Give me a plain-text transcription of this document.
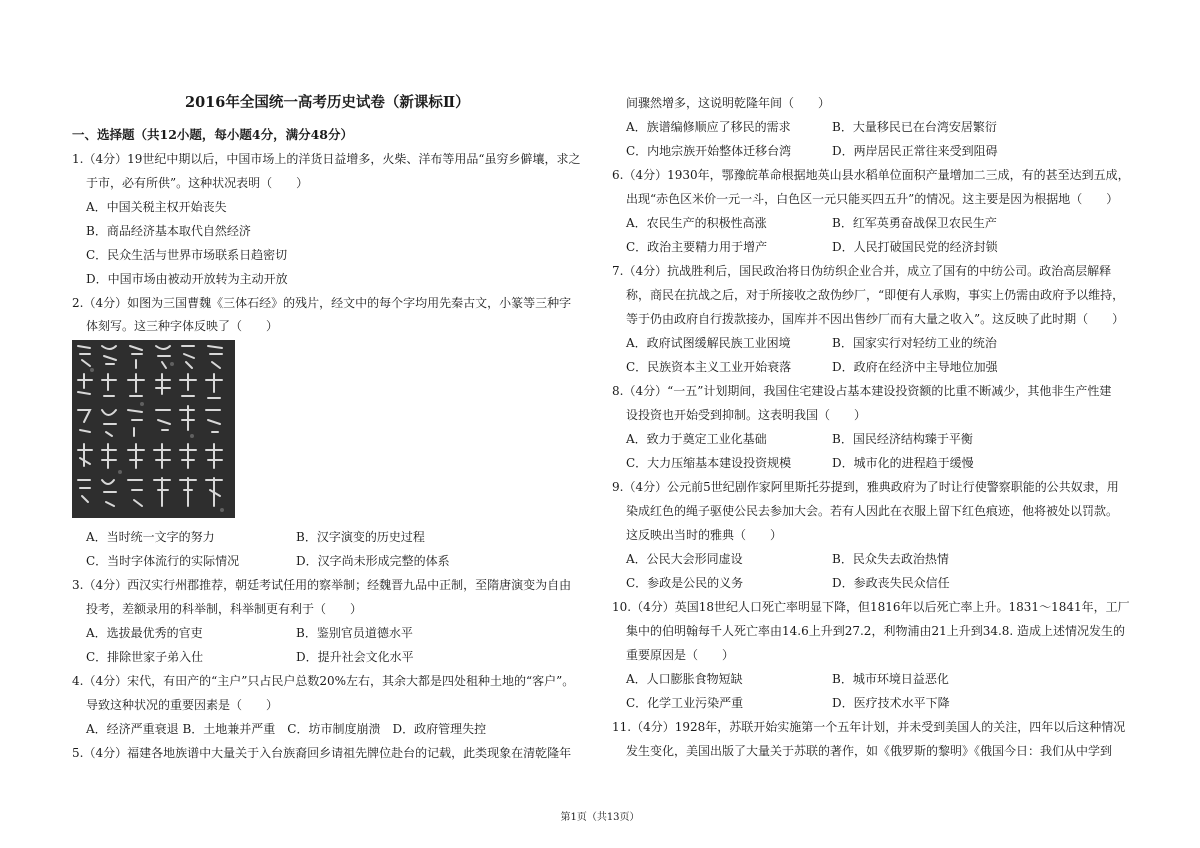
2016年全国统一高考历史试卷（新课标Ⅱ）
一、选择题（共12小题，每小题4分，满分48分）
1.（4分）19世纪中期以后，中国市场上的洋货日益增多，火柴、洋布等用品“虽穷乡僻壤，求之
于市，必有所供”。这种状况表明（　　）
A．中国关税主权开始丧失
B．商品经济基本取代自然经济
C．民众生活与世界市场联系日趋密切
D．中国市场由被动开放转为主动开放
2.（4分）如图为三国曹魏《三体石经》的残片，经文中的每个字均用先秦古文，小篆等三种字
体刻写。这三种字体反映了（　　）
A．当时统一文字的努力	B．汉字演变的历史过程
C．当时字体流行的实际情况	D．汉字尚未形成完整的体系
3.（4分）西汉实行州郡推荐，朝廷考试任用的察举制；经魏晋九品中正制，至隋唐演变为自由
投考，差额录用的科举制，科举制更有利于（　　）
A．选拔最优秀的官吏	B．鉴别官员道德水平
C．排除世家子弟入仕	D．提升社会文化水平
4.（4分）宋代，有田产的“主户”只占民户总数20%左右，其余大都是四处租种土地的“客户”。
导致这种状况的重要因素是（　　）
A．经济严重衰退 B．土地兼并严重　C．坊市制度崩溃　D．政府管理失控
5.（4分）福建各地族谱中大量关于入台族裔回乡请祖先牌位赴台的记载，此类现象在清乾隆年
间骤然增多，这说明乾隆年间（　　）
A．族谱编修顺应了移民的需求	B．大量移民已在台湾安居繁衍
C．内地宗族开始整体迁移台湾	D．两岸居民正常往来受到阻碍
6.（4分）1930年，鄂豫皖革命根据地英山县水稻单位面积产量增加二三成，有的甚至达到五成，
出现“赤色区米价一元一斗，白色区一元只能买四五升”的情况。这主要是因为根据地（　　）
A．农民生产的积极性高涨	B．红军英勇奋战保卫农民生产
C．政治主要精力用于增产	D．人民打破国民党的经济封锁
7.（4分）抗战胜利后，国民政治将日伪纺织企业合并，成立了国有的中纺公司。政治高层解释
称，商民在抗战之后，对于所接收之敌伪纱厂，“即便有人承购，事实上仍需由政府予以维持，
等于仍由政府自行拨款接办，国库并不因出售纱厂而有大量之收入”。这反映了此时期（　　）
A．政府试图缓解民族工业困境	B．国家实行对轻纺工业的统治
C．民族资本主义工业开始衰落	D．政府在经济中主导地位加强
8.（4分）“一五”计划期间，我国住宅建设占基本建设投资额的比重不断减少，其他非生产性建
设投资也开始受到抑制。这表明我国（　　）
A．致力于奠定工业化基础	B．国民经济结构臻于平衡
C．大力压缩基本建设投资规模	D．城市化的进程趋于缓慢
9.（4分）公元前5世纪剧作家阿里斯托芬提到，雅典政府为了时让行使警察职能的公共奴隶，用
染成红色的绳子驱使公民去参加大会。若有人因此在衣服上留下红色痕迹，他将被处以罚款。
这反映出当时的雅典（　　）
A．公民大会形同虚设	B．民众失去政治热情
C．参政是公民的义务	D．参政丧失民众信任
10.（4分）英国18世纪人口死亡率明显下降，但1816年以后死亡率上升。1831～1841年，工厂
集中的伯明翰每千人死亡率由14.6上升到27.2，利物浦由21上升到34.8. 造成上述情况发生的
重要原因是（　　）
A．人口膨胀食物短缺	B．城市环境日益恶化
C．化学工业污染严重	D．医疗技术水平下降
11.（4分）1928年，苏联开始实施第一个五年计划，并未受到美国人的关注，四年以后这种情况
发生变化，美国出版了大量关于苏联的著作，如《俄罗斯的黎明》《俄国今日：我们从中学到
第1页（共13页）
